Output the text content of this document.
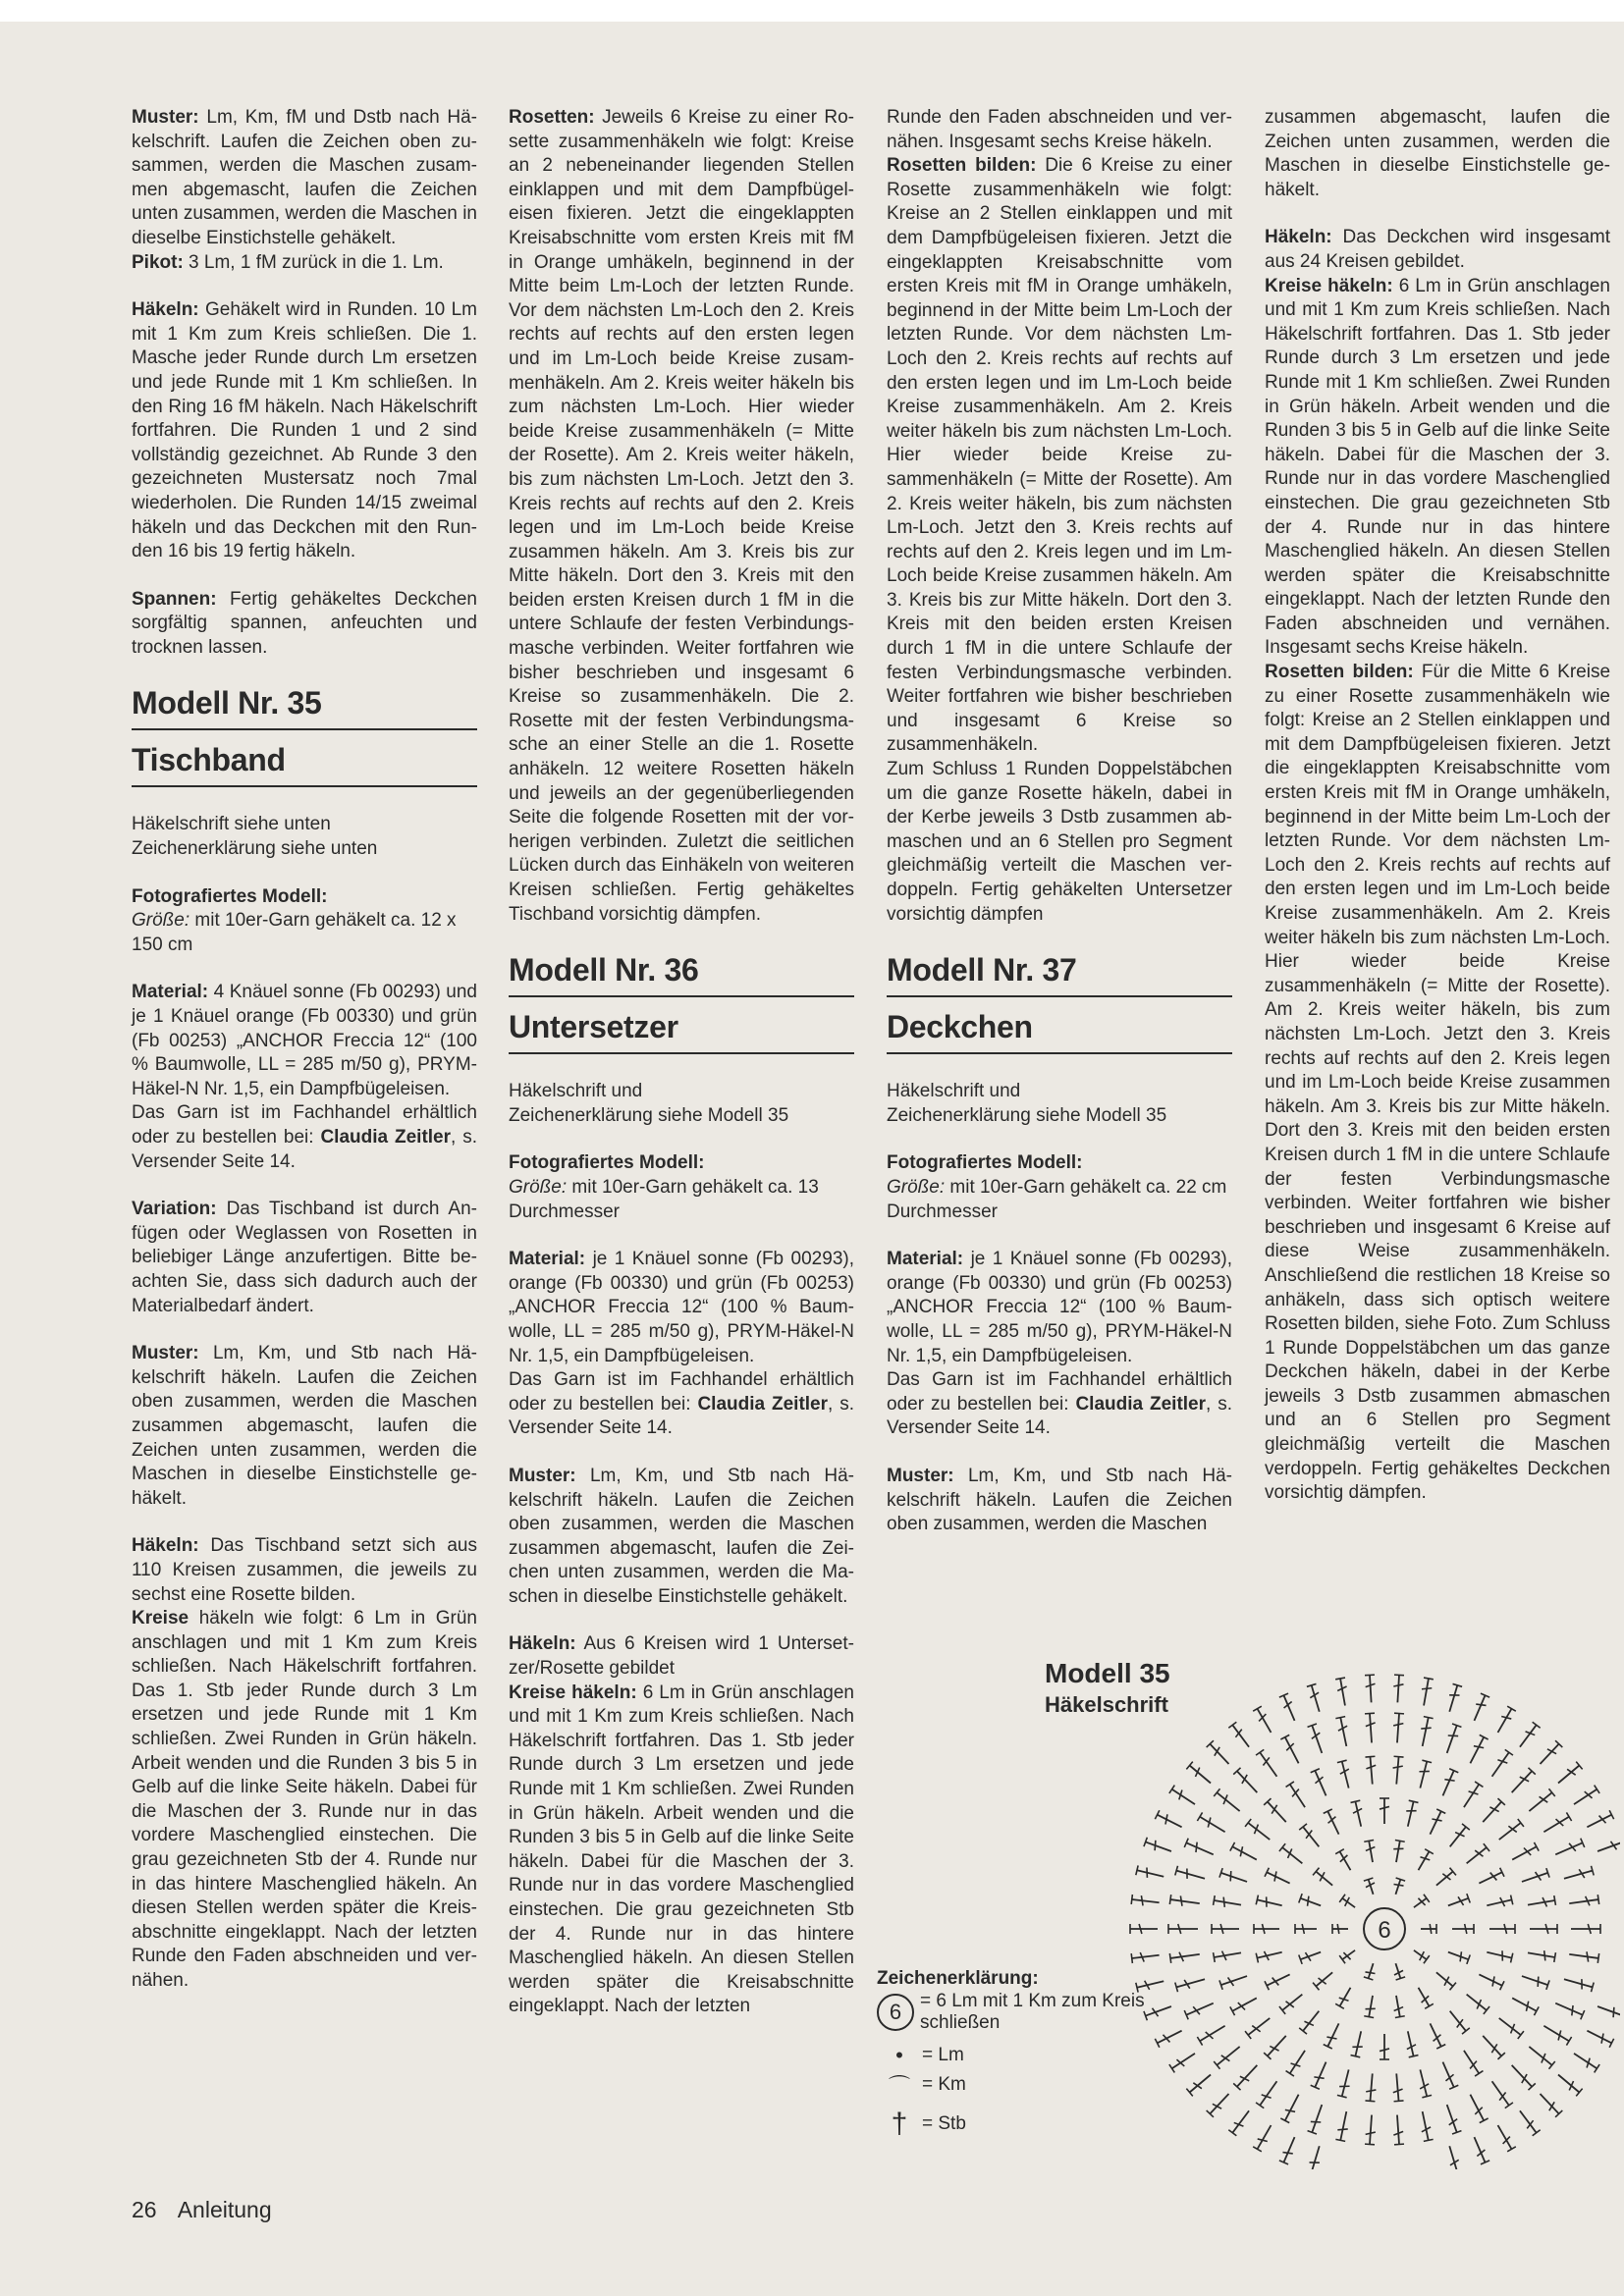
Muster: Lm, Km, fM und Dstb nach Häkelschrift. Laufen die Zeichen oben zusammen, werden die Maschen zusammen abgemascht, laufen die Zeichen unten zusammen, werden die Maschen in dieselbe Einstichstelle gehäkelt.
Pikot: 3 Lm, 1 fM zurück in die 1. Lm.

Häkeln: Gehäkelt wird in Runden. 10 Lm mit 1 Km zum Kreis schließen. Die 1. Masche jeder Runde durch Lm ersetzen und jede Runde mit 1 Km schließen. In den Ring 16 fM häkeln. Nach Häkelschrift fortfahren. Die Runden 1 und 2 sind vollständig gezeichnet. Ab Runde 3 den gezeichneten Mustersatz noch 7mal wiederholen. Die Runden 14/15 zweimal häkeln und das Deckchen mit den Runden 16 bis 19 fertig häkeln.

Spannen: Fertig gehäkeltes Deckchen sorgfältig spannen, anfeuchten und trocknen lassen.

Modell Nr. 35
Tischband

Häkelschrift siehe unten
Zeichenerklärung siehe unten

Fotografiertes Modell:
Größe: mit 10er-Garn gehäkelt ca. 12 x 150 cm

Material: 4 Knäuel sonne (Fb 00293) und je 1 Knäuel orange (Fb 00330) und grün (Fb 00253) „ANCHOR Freccia 12“ (100 % Baumwolle, LL = 285 m/50 g), PRYM-Häkel-N Nr. 1,5, ein Dampfbügeleisen.
Das Garn ist im Fachhandel erhältlich oder zu bestellen bei: Claudia Zeitler, s. Versender Seite 14.

Variation: Das Tischband ist durch Anfügen oder Weglassen von Rosetten in beliebiger Länge anzufertigen. Bitte beachten Sie, dass sich dadurch auch der Materialbedarf ändert.

Muster: Lm, Km, und Stb nach Häkelschrift häkeln. Laufen die Zeichen oben zusammen, werden die Maschen zusammen abgemascht, laufen die Zeichen unten zusammen, werden die Maschen in dieselbe Einstichstelle gehäkelt.

Häkeln: Das Tischband setzt sich aus 110 Kreisen zusammen, die jeweils zu sechst eine Rosette bilden.
Kreise häkeln wie folgt: 6 Lm in Grün anschlagen und mit 1 Km zum Kreis schließen. Nach Häkelschrift fortfahren. Das 1. Stb jeder Runde durch 3 Lm ersetzen und jede Runde mit 1 Km schließen. Zwei Runden in Grün häkeln. Arbeit wenden und die Runden 3 bis 5 in Gelb auf die linke Seite häkeln. Dabei für die Maschen der 3. Runde nur in das vordere Maschenglied einstechen. Die grau gezeichneten Stb der 4. Runde nur in das hintere Maschenglied häkeln. An diesen Stellen werden später die Kreisabschnitte eingeklappt. Nach der letzten Runde den Faden abschneiden und vernähen.

Rosetten: Jeweils 6 Kreise zu einer Rosette zusammenhäkeln wie folgt: Kreise an 2 nebeneinander liegenden Stellen einklappen und mit dem Dampfbügeleisen fixieren. Jetzt die eingeklappten Kreisabschnitte vom ersten Kreis mit fM in Orange umhäkeln, beginnend in der Mitte beim Lm-Loch der letzten Runde. Vor dem nächsten Lm-Loch den 2. Kreis rechts auf rechts auf den ersten legen und im Lm-Loch beide Kreise zusammenhäkeln. Am 2. Kreis weiter häkeln bis zum nächsten Lm-Loch. Hier wieder beide Kreise zusammenhäkeln (= Mitte der Rosette). Am 2. Kreis weiter häkeln, bis zum nächsten Lm-Loch. Jetzt den 3. Kreis rechts auf rechts auf den 2. Kreis legen und im Lm-Loch beide Kreise zusammen häkeln. Am 3. Kreis bis zur Mitte häkeln. Dort den 3. Kreis mit den beiden ersten Kreisen durch 1 fM in die untere Schlaufe der festen Verbindungsmasche verbinden. Weiter fortfahren wie bisher beschrieben und insgesamt 6 Kreise so zusammenhäkeln. Die 2. Rosette mit der festen Verbindungsmasche an einer Stelle an die 1. Rosette anhäkeln. 12 weitere Rosetten häkeln und jeweils an der gegenüberliegenden Seite die folgende Rosetten mit der vorherigen verbinden. Zuletzt die seitlichen Lücken durch das Einhäkeln von weiteren Kreisen schließen. Fertig gehäkeltes Tischband vorsichtig dämpfen.

Modell Nr. 36
Untersetzer

Häkelschrift und
Zeichenerklärung siehe Modell 35

Fotografiertes Modell:
Größe: mit 10er-Garn gehäkelt ca. 13 Durchmesser

Material: je 1 Knäuel sonne (Fb 00293), orange (Fb 00330) und grün (Fb 00253) „ANCHOR Freccia 12“ (100 % Baumwolle, LL = 285 m/50 g), PRYM-Häkel-N Nr. 1,5, ein Dampfbügeleisen.
Das Garn ist im Fachhandel erhältlich oder zu bestellen bei: Claudia Zeitler, s. Versender Seite 14.

Muster: Lm, Km, und Stb nach Häkelschrift häkeln. Laufen die Zeichen oben zusammen, werden die Maschen zusammen abgemascht, laufen die Zeichen unten zusammen, werden die Maschen in dieselbe Einstichstelle gehäkelt.

Häkeln: Aus 6 Kreisen wird 1 Untersetzer/Rosette gebildet
Kreise häkeln: 6 Lm in Grün anschlagen und mit 1 Km zum Kreis schließen. Nach Häkelschrift fortfahren. Das 1. Stb jeder Runde durch 3 Lm ersetzen und jede Runde mit 1 Km schließen. Zwei Runden in Grün häkeln. Arbeit wenden und die Runden 3 bis 5 in Gelb auf die linke Seite häkeln. Dabei für die Maschen der 3. Runde nur in das vordere Maschenglied einstechen. Die grau gezeichneten Stb der 4. Runde nur in das hintere Maschenglied häkeln. An diesen Stellen werden später die Kreisabschnitte eingeklappt. Nach der letzten

Runde den Faden abschneiden und vernähen. Insgesamt sechs Kreise häkeln.
Rosetten bilden: Die 6 Kreise zu einer Rosette zusammenhäkeln wie folgt: Kreise an 2 Stellen einklappen und mit dem Dampfbügeleisen fixieren. Jetzt die eingeklappten Kreisabschnitte vom ersten Kreis mit fM in Orange umhäkeln, beginnend in der Mitte beim Lm-Loch der letzten Runde. Vor dem nächsten Lm-Loch den 2. Kreis rechts auf rechts auf den ersten legen und im Lm-Loch beide Kreise zusammenhäkeln. Am 2. Kreis weiter häkeln bis zum nächsten Lm-Loch. Hier wieder beide Kreise zusammenhäkeln (= Mitte der Rosette). Am 2. Kreis weiter häkeln, bis zum nächsten Lm-Loch. Jetzt den 3. Kreis rechts auf rechts auf den 2. Kreis legen und im Lm-Loch beide Kreise zusammen häkeln. Am 3. Kreis bis zur Mitte häkeln. Dort den 3. Kreis mit den beiden ersten Kreisen durch 1 fM in die untere Schlaufe der festen Verbindungsmasche verbinden. Weiter fortfahren wie bisher beschrieben und insgesamt 6 Kreise so zusammenhäkeln.
Zum Schluss 1 Runden Doppelstäbchen um die ganze Rosette häkeln, dabei in der Kerbe jeweils 3 Dstb zusammen abmaschen und an 6 Stellen pro Segment gleichmäßig verteilt die Maschen verdoppeln. Fertig gehäkelten Untersetzer vorsichtig dämpfen

Modell Nr. 37
Deckchen

Häkelschrift und
Zeichenerklärung siehe Modell 35

Fotografiertes Modell:
Größe: mit 10er-Garn gehäkelt ca. 22 cm Durchmesser

Material: je 1 Knäuel sonne (Fb 00293), orange (Fb 00330) und grün (Fb 00253) „ANCHOR Freccia 12“ (100 % Baumwolle, LL = 285 m/50 g), PRYM-Häkel-N Nr. 1,5, ein Dampfbügeleisen.
Das Garn ist im Fachhandel erhältlich oder zu bestellen bei: Claudia Zeitler, s. Versender Seite 14.

Muster: Lm, Km, und Stb nach Häkelschrift häkeln. Laufen die Zeichen oben zusammen, werden die Maschen

zusammen abgemascht, laufen die Zeichen unten zusammen, werden die Maschen in dieselbe Einstichstelle gehäkelt.

Häkeln: Das Deckchen wird insgesamt aus 24 Kreisen gebildet.
Kreise häkeln: 6 Lm in Grün anschlagen und mit 1 Km zum Kreis schließen. Nach Häkelschrift fortfahren. Das 1. Stb jeder Runde durch 3 Lm ersetzen und jede Runde mit 1 Km schließen. Zwei Runden in Grün häkeln. Arbeit wenden und die Runden 3 bis 5 in Gelb auf die linke Seite häkeln. Dabei für die Maschen der 3. Runde nur in das vordere Maschenglied einstechen. Die grau gezeichneten Stb der 4. Runde nur in das hintere Maschenglied häkeln. An diesen Stellen werden später die Kreisabschnitte eingeklappt. Nach der letzten Runde den Faden abschneiden und vernähen. Insgesamt sechs Kreise häkeln.
Rosetten bilden: Für die Mitte 6 Kreise zu einer Rosette zusammenhäkeln wie folgt: Kreise an 2 Stellen einklappen und mit dem Dampfbügeleisen fixieren. Jetzt die eingeklappten Kreisabschnitte vom ersten Kreis mit fM in Orange umhäkeln, beginnend in der Mitte beim Lm-Loch der letzten Runde. Vor dem nächsten Lm-Loch den 2. Kreis rechts auf rechts auf den ersten legen und im Lm-Loch beide Kreise zusammenhäkeln. Am 2. Kreis weiter häkeln bis zum nächsten Lm-Loch. Hier wieder beide Kreise zusammenhäkeln (= Mitte der Rosette). Am 2. Kreis weiter häkeln, bis zum nächsten Lm-Loch. Jetzt den 3. Kreis rechts auf rechts auf den 2. Kreis legen und im Lm-Loch beide Kreise zusammen häkeln. Am 3. Kreis bis zur Mitte häkeln. Dort den 3. Kreis mit den beiden ersten Kreisen durch 1 fM in die untere Schlaufe der festen Verbindungsmasche verbinden. Weiter fortfahren wie bisher beschrieben und insgesamt 6 Kreise auf diese Weise zusammenhäkeln. Anschließend die restlichen 18 Kreise so anhäkeln, dass sich optisch weitere Rosetten bilden, siehe Foto. Zum Schluss 1 Runde Doppelstäbchen um das ganze Deckchen häkeln, dabei in der Kerbe jeweils 3 Dstb zusammen abmaschen und an 6 Stellen pro Segment gleichmäßig verteilt die Maschen verdoppeln. Fertig gehäkeltes Deckchen vorsichtig dämpfen.

Modell 35
Häkelschrift
6
Zeichenerklärung:
6 = 6 Lm mit 1 Km zum Kreis schließen
•	= Lm
⌒ = Km
† = Stb
26 Anleitung
